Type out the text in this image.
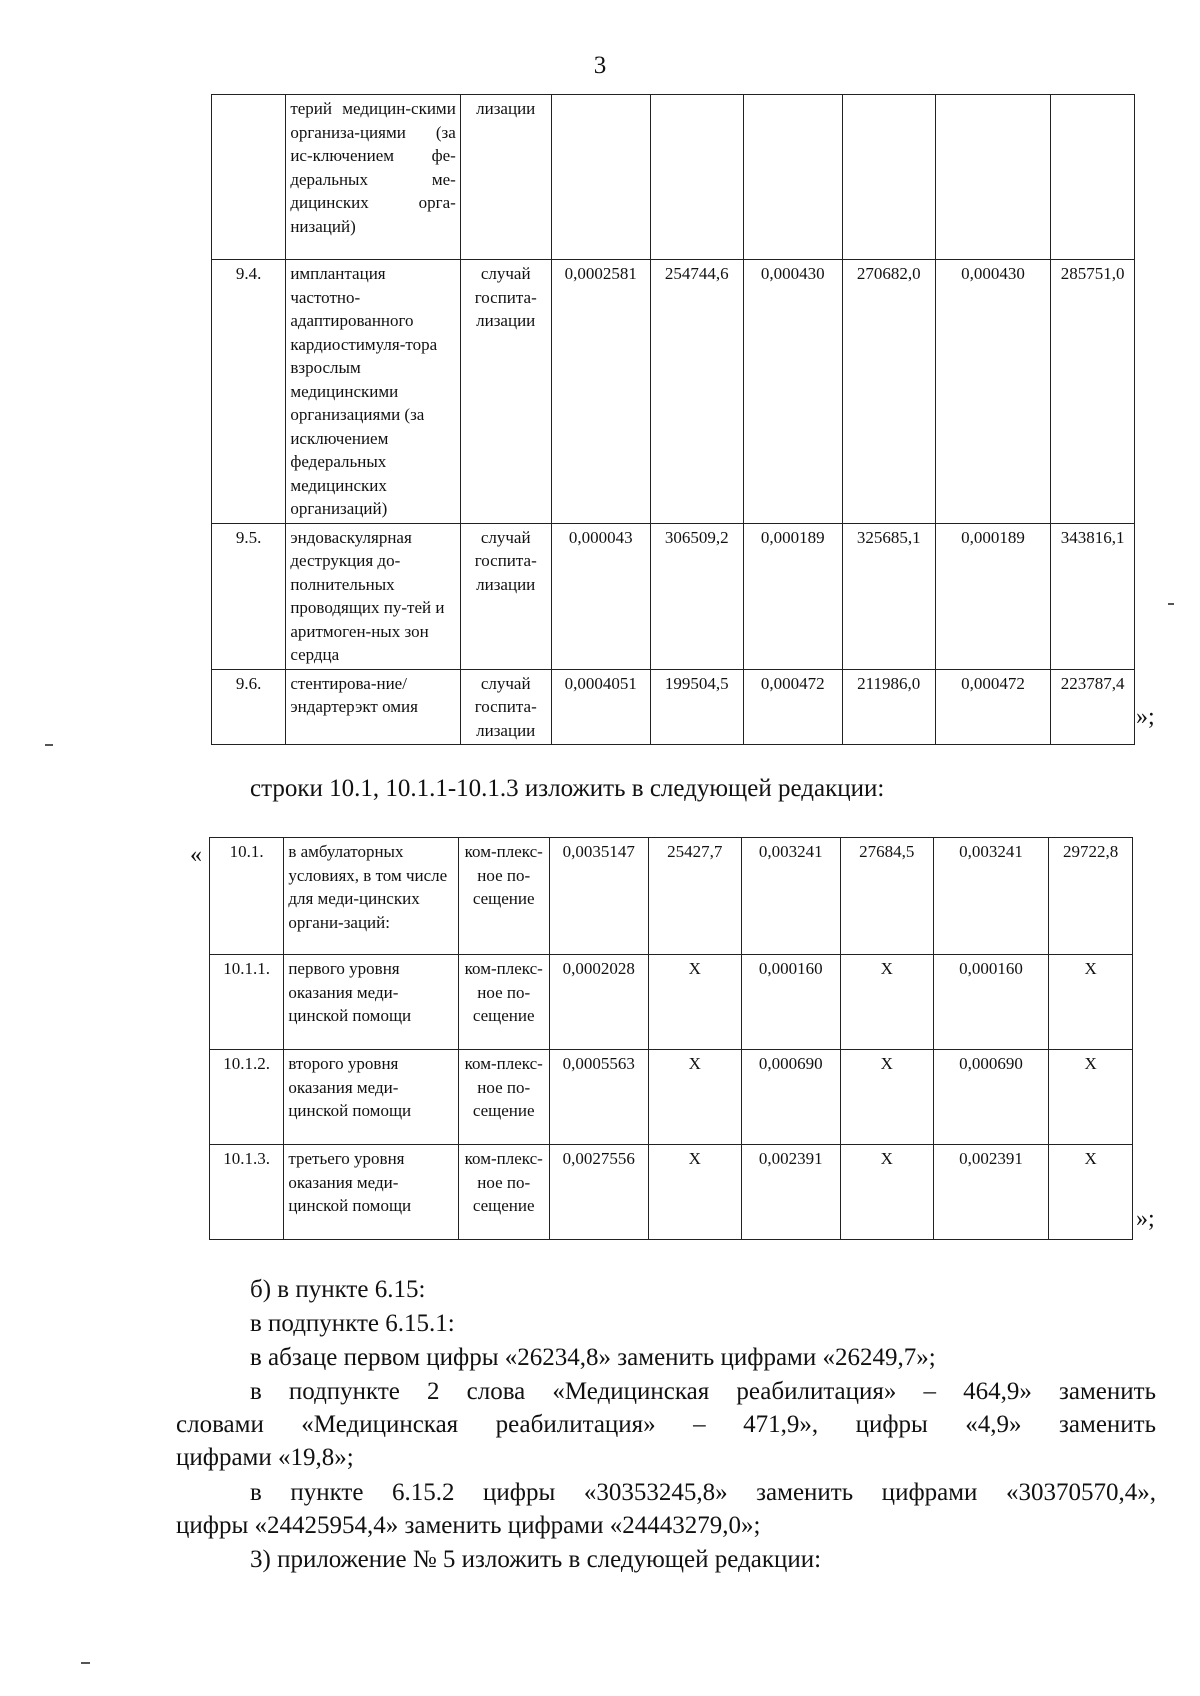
3
	терий медицин-скими организа-циями (за ис-ключением фе-деральных ме-дицинских орга-низаций)	лизации						
9.4.	имплантация частотно-адаптированного кардиостимуля-тора взрослым медицинскими организациями (за исключением федеральных медицинских организаций)	случай госпита-лизации	0,0002581	254744,6	0,000430	270682,0	0,000430	285751,0
9.5.	эндоваскулярная деструкция до-полнительных проводящих пу-тей и аритмоген-ных зон сердца	случай госпита-лизации	0,000043	306509,2	0,000189	325685,1	0,000189	343816,1
9.6.	стентирова-ние/эндартерэкт омия	случай госпита-лизации	0,0004051	199504,5	0,000472	211986,0	0,000472	223787,4
»;

строки 10.1, 10.1.1-10.1.3 изложить в следующей редакции:

« 10.1.	в амбулаторных условиях, в том числе для меди-цинских органи-заций:	ком-плекс-ное по-сещение	0,0035147	25427,7	0,003241	27684,5	0,003241	29722,8
10.1.1.	первого уровня оказания меди-цинской помощи	ком-плекс-ное по-сещение	0,0002028	X	0,000160	X	0,000160	X
10.1.2.	второго уровня оказания меди-цинской помощи	ком-плекс-ное по-сещение	0,0005563	X	0,000690	X	0,000690	X
10.1.3.	третьего уровня оказания меди-цинской помощи	ком-плекс-ное по-сещение	0,0027556	X	0,002391	X	0,002391	X
»;

б) в пункте 6.15:

в подпункте 6.15.1:

в абзаце первом цифры «26234,8» заменить цифрами «26249,7»;

в подпункте 2 слова «Медицинская реабилитация» – 464,9» заменить

словами «Медицинская реабилитация» – 471,9», цифры «4,9» заменить

цифрами «19,8»;

в пункте 6.15.2 цифры «30353245,8» заменить цифрами «30370570,4»,

цифры «24425954,4» заменить цифрами «24443279,0»;

3) приложение № 5 изложить в следующей редакции:
